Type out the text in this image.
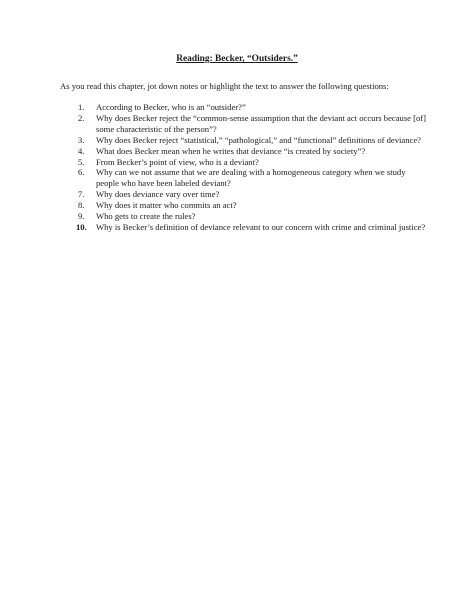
Reading: Becker, “Outsiders.”
As you read this chapter, jot down notes or highlight the text to answer the following questions:
1.	According to Becker, who is an “outsider?”
2.	Why does Becker reject the “common-sense assumption that the deviant act occurs because [of] some characteristic of the person”?
3.	Why does Becker reject “statistical,” “pathological,” and “functional” definitions of deviance?
4.	What does Becker mean when he writes that deviance “is created by society”?
5.	From Becker’s point of view, who is a deviant?
6.	Why can we not assume that we are dealing with a homogeneous category when we study people who have been labeled deviant?
7.	Why does deviance vary over time?
8.	Why does it matter who commits an act?
9.	Who gets to create the rules?
10.	Why is Becker’s definition of deviance relevant to our concern with crime and criminal justice?
